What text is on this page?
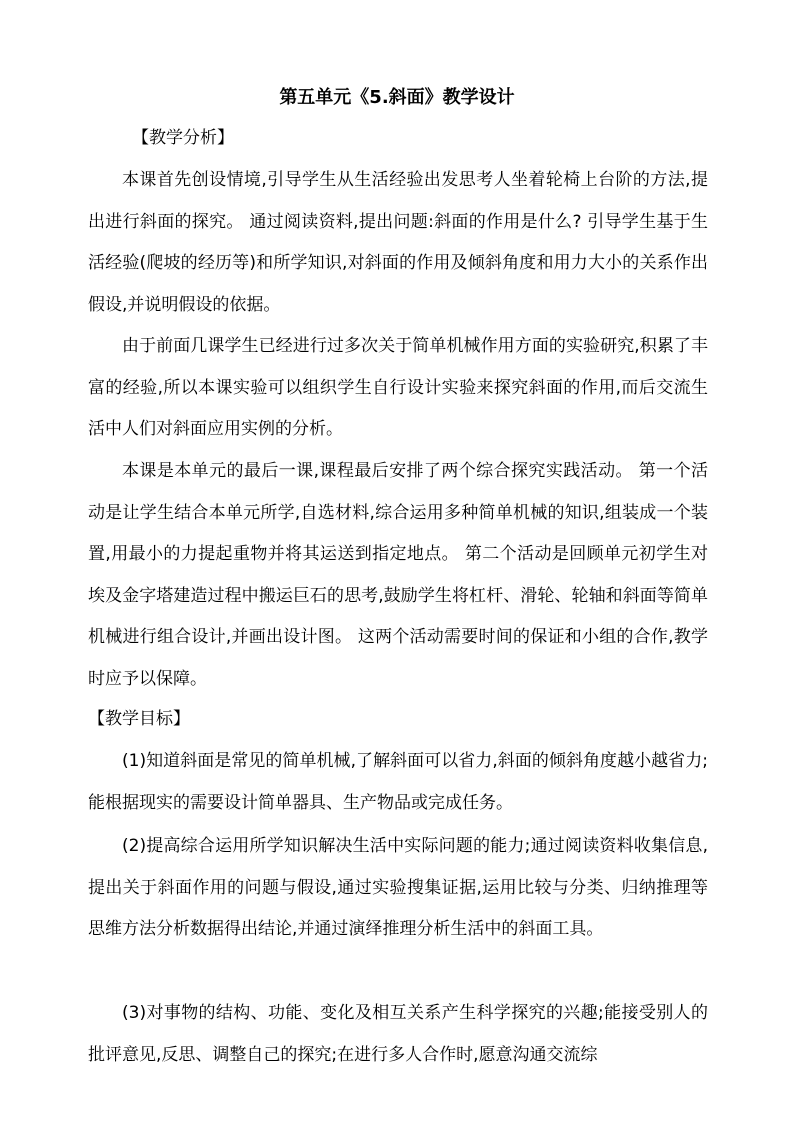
第五单元《5.斜面》教学设计

【教学分析】

本课首先创设情境,引导学生从生活经验出发思考人坐着轮椅上台阶的方法,提出进行斜面的探究。 通过阅读资料,提出问题:斜面的作用是什么? 引导学生基于生活经验(爬坡的经历等)和所学知识,对斜面的作用及倾斜角度和用力大小的关系作出假设,并说明假设的依据。

由于前面几课学生已经进行过多次关于简单机械作用方面的实验研究,积累了丰富的经验,所以本课实验可以组织学生自行设计实验来探究斜面的作用,而后交流生活中人们对斜面应用实例的分析。

本课是本单元的最后一课,课程最后安排了两个综合探究实践活动。 第一个活动是让学生结合本单元所学,自选材料,综合运用多种简单机械的知识,组装成一个装置,用最小的力提起重物并将其运送到指定地点。 第二个活动是回顾单元初学生对埃及金字塔建造过程中搬运巨石的思考,鼓励学生将杠杆、滑轮、轮轴和斜面等简单机械进行组合设计,并画出设计图。 这两个活动需要时间的保证和小组的合作,教学时应予以保障。

【教学目标】

(1)知道斜面是常见的简单机械,了解斜面可以省力,斜面的倾斜角度越小越省力;能根据现实的需要设计简单器具、生产物品或完成任务。

(2)提高综合运用所学知识解决生活中实际问题的能力;通过阅读资料收集信息,提出关于斜面作用的问题与假设,通过实验搜集证据,运用比较与分类、归纳推理等思维方法分析数据得出结论,并通过演绎推理分析生活中的斜面工具。

(3)对事物的结构、功能、变化及相互关系产生科学探究的兴趣;能接受别人的批评意见,反思、调整自己的探究;在进行多人合作时,愿意沟通交流综
